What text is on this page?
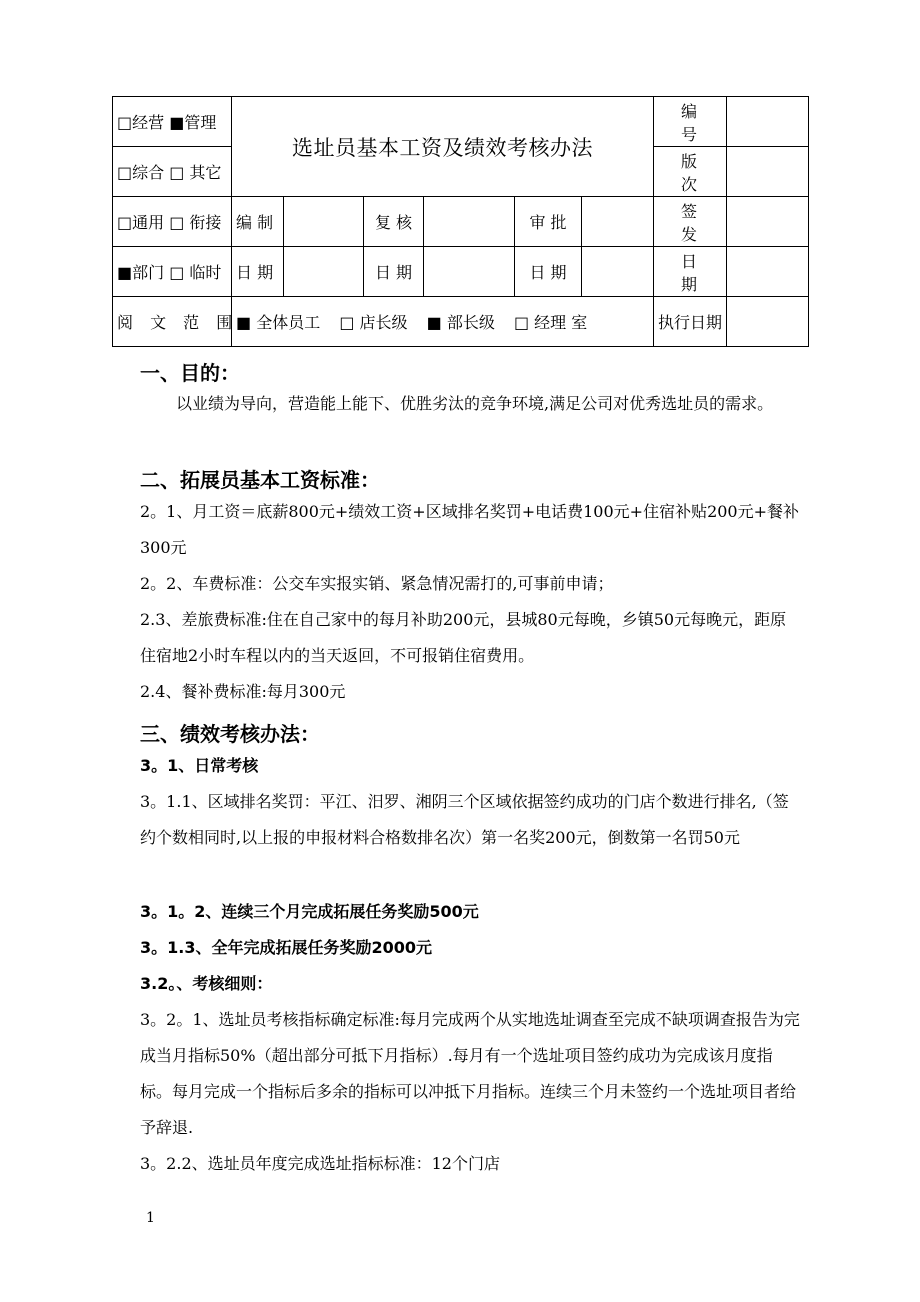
□经营 ■管理	选址员基本工资及绩效考核办法						编 号	
□综合 □ 其它							版 次	
□通用 □ 衔接	编 制		复 核		审 批		签 发	
■部门 □ 临时	日 期		日 期		日 期		日 期	
阅 文 范 围	■ 全体员工 □ 店长级 ■ 部长级 □ 经理 室						执行日期	
一、目的：
以业绩为导向，营造能上能下、优胜劣汰的竞争环境,满足公司对优秀选址员的需求。
二、拓展员基本工资标准：
2。1、月工资＝底薪800元+绩效工资+区域排名奖罚+电话费100元+住宿补贴200元+餐补300元
2。2、车费标准：公交车实报实销、紧急情况需打的,可事前申请；
2.3、差旅费标准:住在自己家中的每月补助200元，县城80元每晚，乡镇50元每晚元，距原住宿地2小时车程以内的当天返回，不可报销住宿费用。
2.4、餐补费标准:每月300元
三、绩效考核办法：
3。1、日常考核
3。1.1、区域排名奖罚：平江、汨罗、湘阴三个区域依据签约成功的门店个数进行排名,（签约个数相同时,以上报的申报材料合格数排名次）第一名奖200元，倒数第一名罚50元
3。1。2、连续三个月完成拓展任务奖励500元
3。1.3、全年完成拓展任务奖励2000元
3.2。、考核细则：
3。2。1、选址员考核指标确定标准:每月完成两个从实地选址调查至完成不缺项调查报告为完成当月指标50%（超出部分可抵下月指标）.每月有一个选址项目签约成功为完成该月度指标。每月完成一个指标后多余的指标可以冲抵下月指标。连续三个月未签约一个选址项目者给予辞退.
3。2.2、选址员年度完成选址指标标准：12个门店
1
